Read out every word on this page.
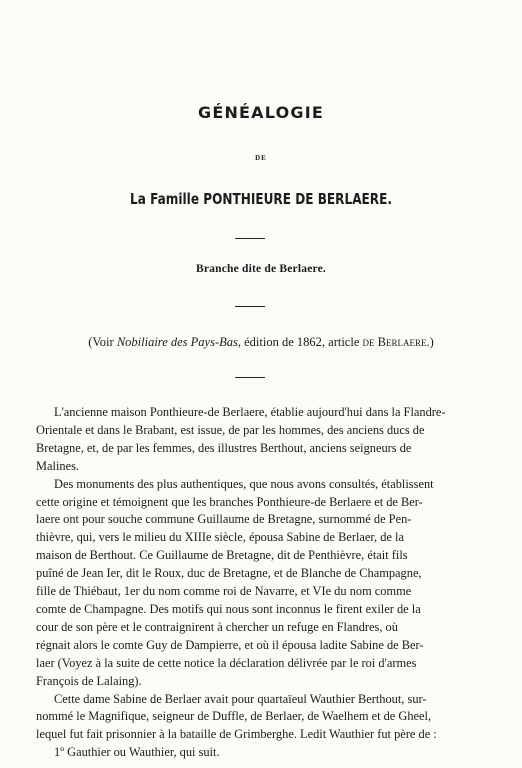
GÉNÉALOGIE
DE
La Famille PONTHIEURE DE BERLAERE.
Branche dite de Berlaere.
(Voir Nobiliaire des Pays-Bas, édition de 1862, article de Berlaere.)
L'ancienne maison Ponthieure-de Berlaere, établie aujourd'hui dans la Flandre-
Orientale et dans le Brabant, est issue, de par les hommes, des anciens ducs de
Bretagne, et, de par les femmes, des illustres Berthout, anciens seigneurs de
Malines.
Des monuments des plus authentiques, que nous avons consultés, établissent
cette origine et témoignent que les branches Ponthieure-de Berlaere et de Ber-
laere ont pour souche commune Guillaume de Bretagne, surnommé de Pen-
thièvre, qui, vers le milieu du XIIIe siècle, épousa Sabine de Berlaer, de la
maison de Berthout. Ce Guillaume de Bretagne, dit de Penthièvre, était fils
puîné de Jean Ier, dit le Roux, duc de Bretagne, et de Blanche de Champagne,
fille de Thiébaut, 1er du nom comme roi de Navarre, et VIe du nom comme
comte de Champagne. Des motifs qui nous sont inconnus le firent exiler de la
cour de son père et le contraignirent à chercher un refuge en Flandres, où
régnait alors le comte Guy de Dampierre, et où il épousa ladite Sabine de Ber-
laer (Voyez à la suite de cette notice la déclaration délivrée par le roi d'armes
François de Lalaing).
Cette dame Sabine de Berlaer avait pour quartaïeul Wauthier Berthout, sur-
nommé le Magnifique, seigneur de Duffle, de Berlaer, de Waelhem et de Gheel,
lequel fut fait prisonnier à la bataille de Grimberghe. Ledit Wauthier fut père de :
1º Gauthier ou Wauthier, qui suit.
